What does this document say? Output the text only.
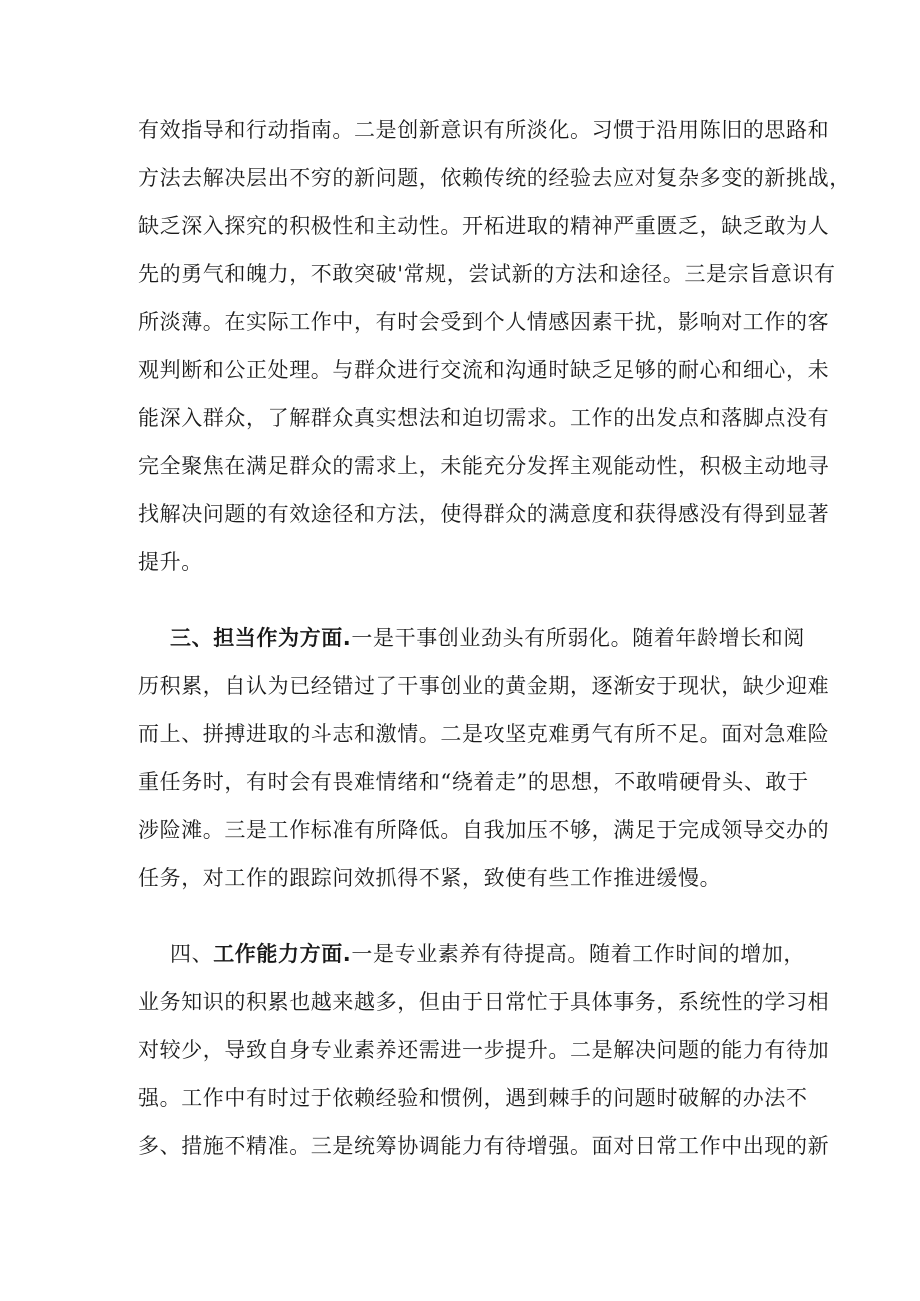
有效指导和行动指南。二是创新意识有所淡化。习惯于沿用陈旧的思路和
方法去解决层出不穷的新问题，依赖传统的经验去应对复杂多变的新挑战，
缺乏深入探究的积极性和主动性。开柘进取的精神严重匮乏，缺乏敢为人
先的勇气和魄力，不敢突破'常规，尝试新的方法和途径。三是宗旨意识有
所淡薄。在实际工作中，有时会受到个人情感因素干扰，影响对工作的客
观判断和公正处理。与群众进行交流和沟通时缺乏足够的耐心和细心，未
能深入群众，了解群众真实想法和迫切需求。工作的出发点和落脚点没有
完全聚焦在满足群众的需求上，未能充分发挥主观能动性，积极主动地寻
找解决问题的有效途径和方法，使得群众的满意度和获得感没有得到显著
提升。
三、担当作为方面.一是干事创业劲头有所弱化。随着年龄增长和阅
历积累，自认为已经错过了干事创业的黄金期，逐渐安于现状，缺少迎难
而上、拼搏进取的斗志和激情。二是攻坚克难勇气有所不足。面对急难险
重任务时，有时会有畏难情绪和“绕着走”的思想，不敢啃硬骨头、敢于
涉险滩。三是工作标准有所降低。自我加压不够，满足于完成领导交办的
任务，对工作的跟踪问效抓得不紧，致使有些工作推进缓慢。
四、工作能力方面.一是专业素养有待提高。随着工作时间的增加，
业务知识的积累也越来越多，但由于日常忙于具体事务，系统性的学习相
对较少，导致自身专业素养还需进一步提升。二是解决问题的能力有待加
强。工作中有时过于依赖经验和惯例，遇到棘手的问题时破解的办法不
多、措施不精准。三是统筹协调能力有待增强。面对日常工作中出现的新
